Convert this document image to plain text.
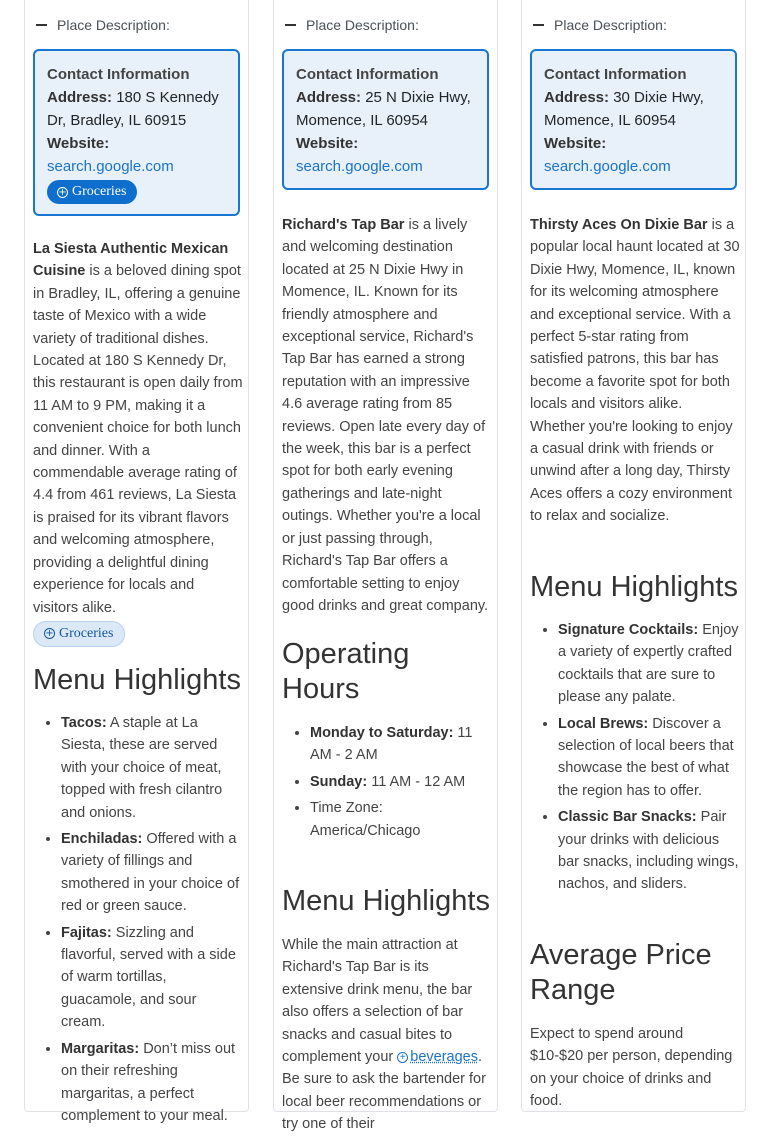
Place Description:
Contact Information
Address: 180 S Kennedy Dr, Bradley, IL 60915
Website:
search.google.com
+ Groceries
La Siesta Authentic Mexican Cuisine is a beloved dining spot in Bradley, IL, offering a genuine taste of Mexico with a wide variety of traditional dishes. Located at 180 S Kennedy Dr, this restaurant is open daily from 11 AM to 9 PM, making it a convenient choice for both lunch and dinner. With a commendable average rating of 4.4 from 461 reviews, La Siesta is praised for its vibrant flavors and welcoming atmosphere, providing a delightful dining experience for locals and visitors alike.
+ Groceries
Menu Highlights
• Tacos: A staple at La Siesta, these are served with your choice of meat, topped with fresh cilantro and onions.
• Enchiladas: Offered with a variety of fillings and smothered in your choice of red or green sauce.
• Fajitas: Sizzling and flavorful, served with a side of warm tortillas, guacamole, and sour cream.
• Margaritas: Don’t miss out on their refreshing margaritas, a perfect complement to your meal.
Place Description:
Contact Information
Address: 25 N Dixie Hwy, Momence, IL 60954
Website:
search.google.com
Richard's Tap Bar is a lively and welcoming destination located at 25 N Dixie Hwy in Momence, IL. Known for its friendly atmosphere and exceptional service, Richard's Tap Bar has earned a strong reputation with an impressive 4.6 average rating from 85 reviews. Open late every day of the week, this bar is a perfect spot for both early evening gatherings and late-night outings. Whether you're a local or just passing through, Richard's Tap Bar offers a comfortable setting to enjoy good drinks and great company.
Operating Hours
• Monday to Saturday: 11 AM - 2 AM
• Sunday: 11 AM - 12 AM
• Time Zone: America/Chicago
Menu Highlights
While the main attraction at Richard's Tap Bar is its extensive drink menu, the bar also offers a selection of bar snacks and casual bites to complement your + beverages. Be sure to ask the bartender for local beer recommendations or try one of their
Place Description:
Contact Information
Address: 30 Dixie Hwy, Momence, IL 60954
Website:
search.google.com
Thirsty Aces On Dixie Bar is a popular local haunt located at 30 Dixie Hwy, Momence, IL, known for its welcoming atmosphere and exceptional service. With a perfect 5-star rating from satisfied patrons, this bar has become a favorite spot for both locals and visitors alike. Whether you're looking to enjoy a casual drink with friends or unwind after a long day, Thirsty Aces offers a cozy environment to relax and socialize.
Menu Highlights
• Signature Cocktails: Enjoy a variety of expertly crafted cocktails that are sure to please any palate.
• Local Brews: Discover a selection of local beers that showcase the best of what the region has to offer.
• Classic Bar Snacks: Pair your drinks with delicious bar snacks, including wings, nachos, and sliders.
Average Price Range
Expect to spend around $10-$20 per person, depending on your choice of drinks and food.
